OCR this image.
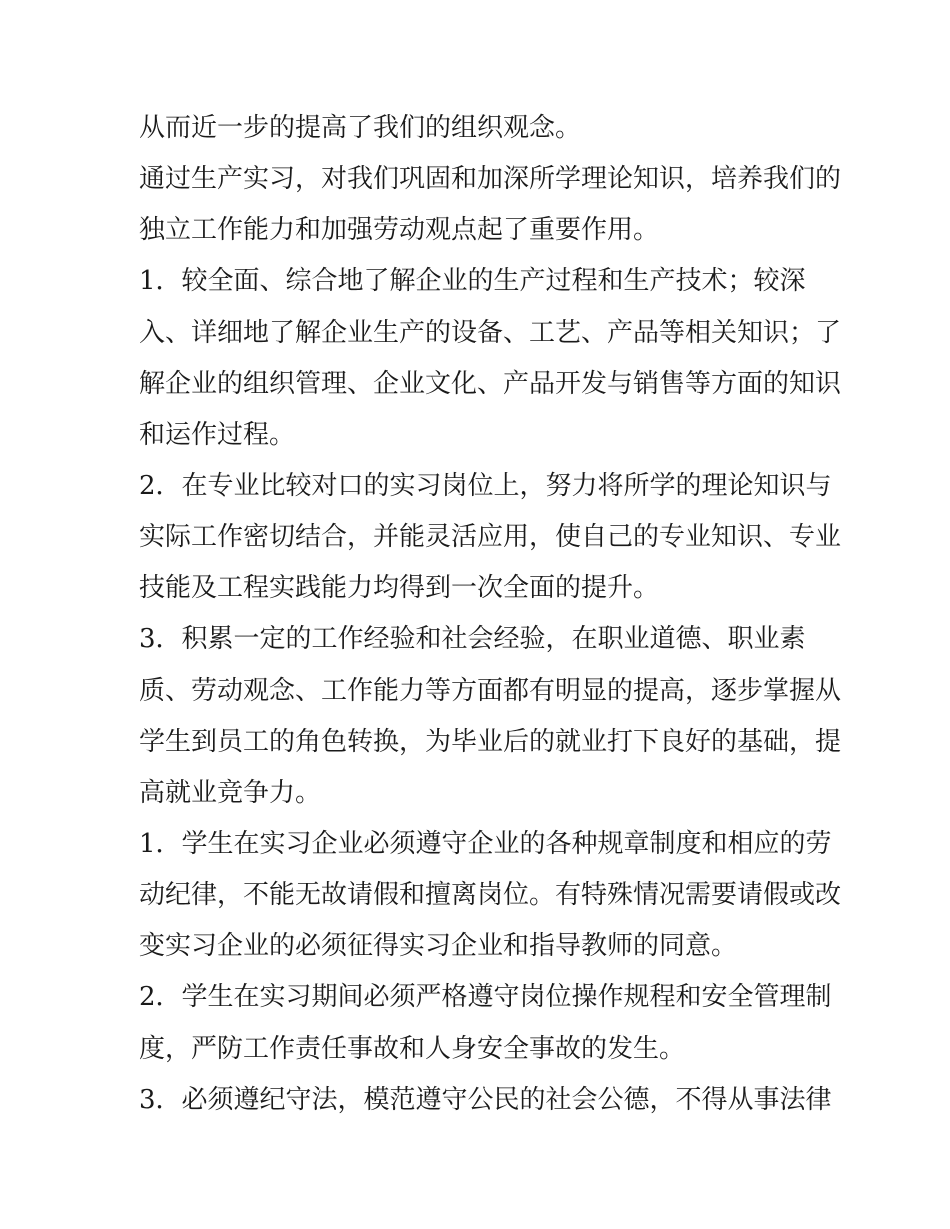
从而近一步的提高了我们的组织观念。
通过生产实习，对我们巩固和加深所学理论知识，培养我们的
独立工作能力和加强劳动观点起了重要作用。
1．较全面、综合地了解企业的生产过程和生产技术；较深
入、详细地了解企业生产的设备、工艺、产品等相关知识；了
解企业的组织管理、企业文化、产品开发与销售等方面的知识
和运作过程。
2．在专业比较对口的实习岗位上，努力将所学的理论知识与
实际工作密切结合，并能灵活应用，使自己的专业知识、专业
技能及工程实践能力均得到一次全面的提升。
3．积累一定的工作经验和社会经验，在职业道德、职业素
质、劳动观念、工作能力等方面都有明显的提高，逐步掌握从
学生到员工的角色转换，为毕业后的就业打下良好的基础，提
高就业竞争力。
1．学生在实习企业必须遵守企业的各种规章制度和相应的劳
动纪律，不能无故请假和擅离岗位。有特殊情况需要请假或改
变实习企业的必须征得实习企业和指导教师的同意。
2．学生在实习期间必须严格遵守岗位操作规程和安全管理制
度，严防工作责任事故和人身安全事故的发生。
3．必须遵纪守法，模范遵守公民的社会公德，不得从事法律
